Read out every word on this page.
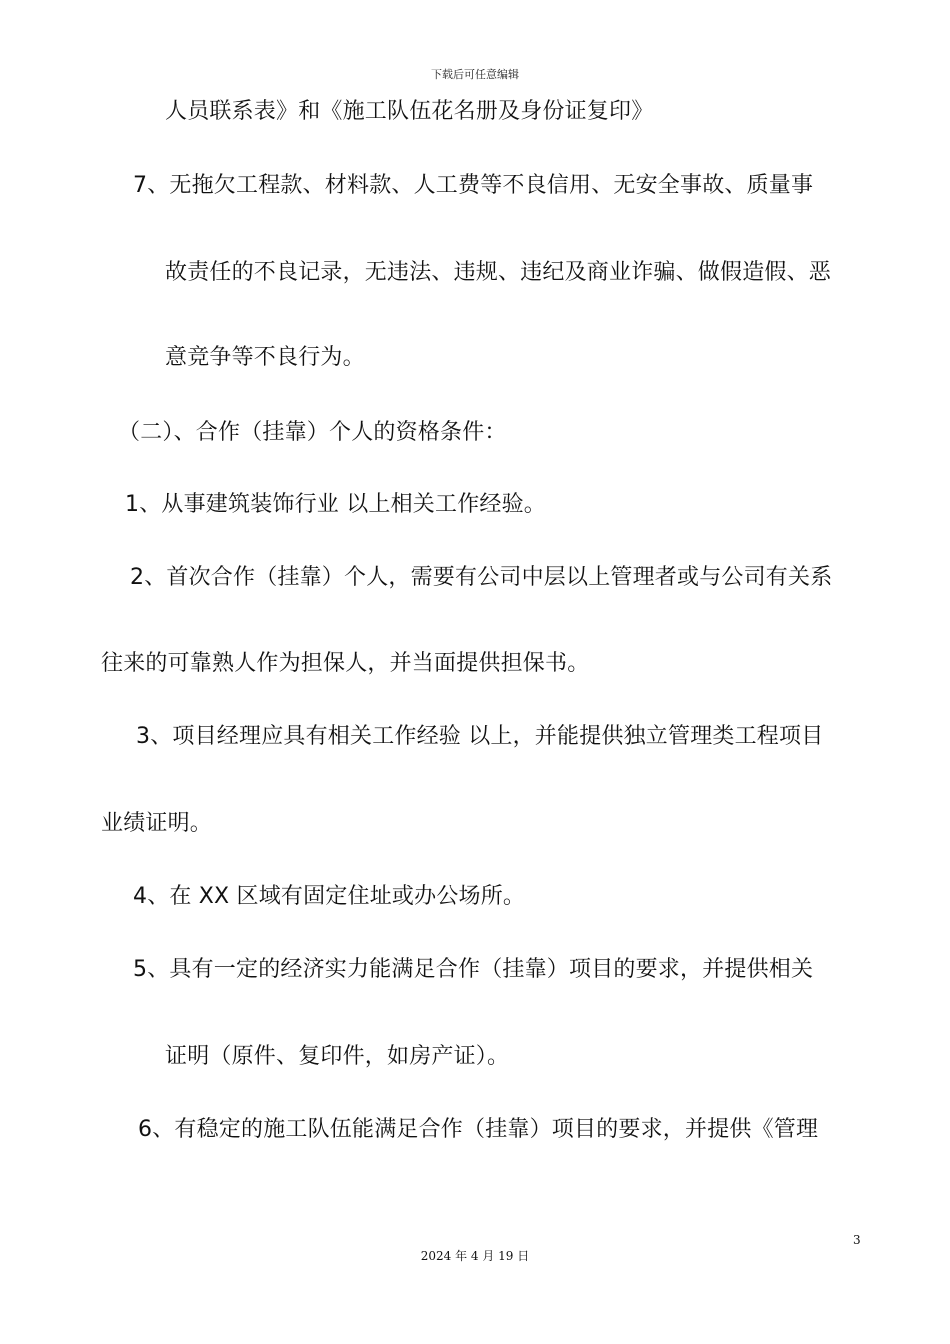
下载后可任意编辑
人员联系表》和《施工队伍花名册及身份证复印》
7、无拖欠工程款、材料款、人工费等不良信用、无安全事故、质量事
故责任的不良记录，无违法、违规、违纪及商业诈骗、做假造假、恶
意竞争等不良行为。
（二）、合作（挂靠）个人的资格条件：
1、从事建筑装饰行业 以上相关工作经验。
2、首次合作（挂靠）个人，需要有公司中层以上管理者或与公司有关系
往来的可靠熟人作为担保人，并当面提供担保书。
3、项目经理应具有相关工作经验 以上，并能提供独立管理类工程项目
业绩证明。
4、在 XX 区域有固定住址或办公场所。
5、具有一定的经济实力能满足合作（挂靠）项目的要求，并提供相关
证明（原件、复印件，如房产证）。
6、有稳定的施工队伍能满足合作（挂靠）项目的要求，并提供《管理
3
2024 年 4 月 19 日
